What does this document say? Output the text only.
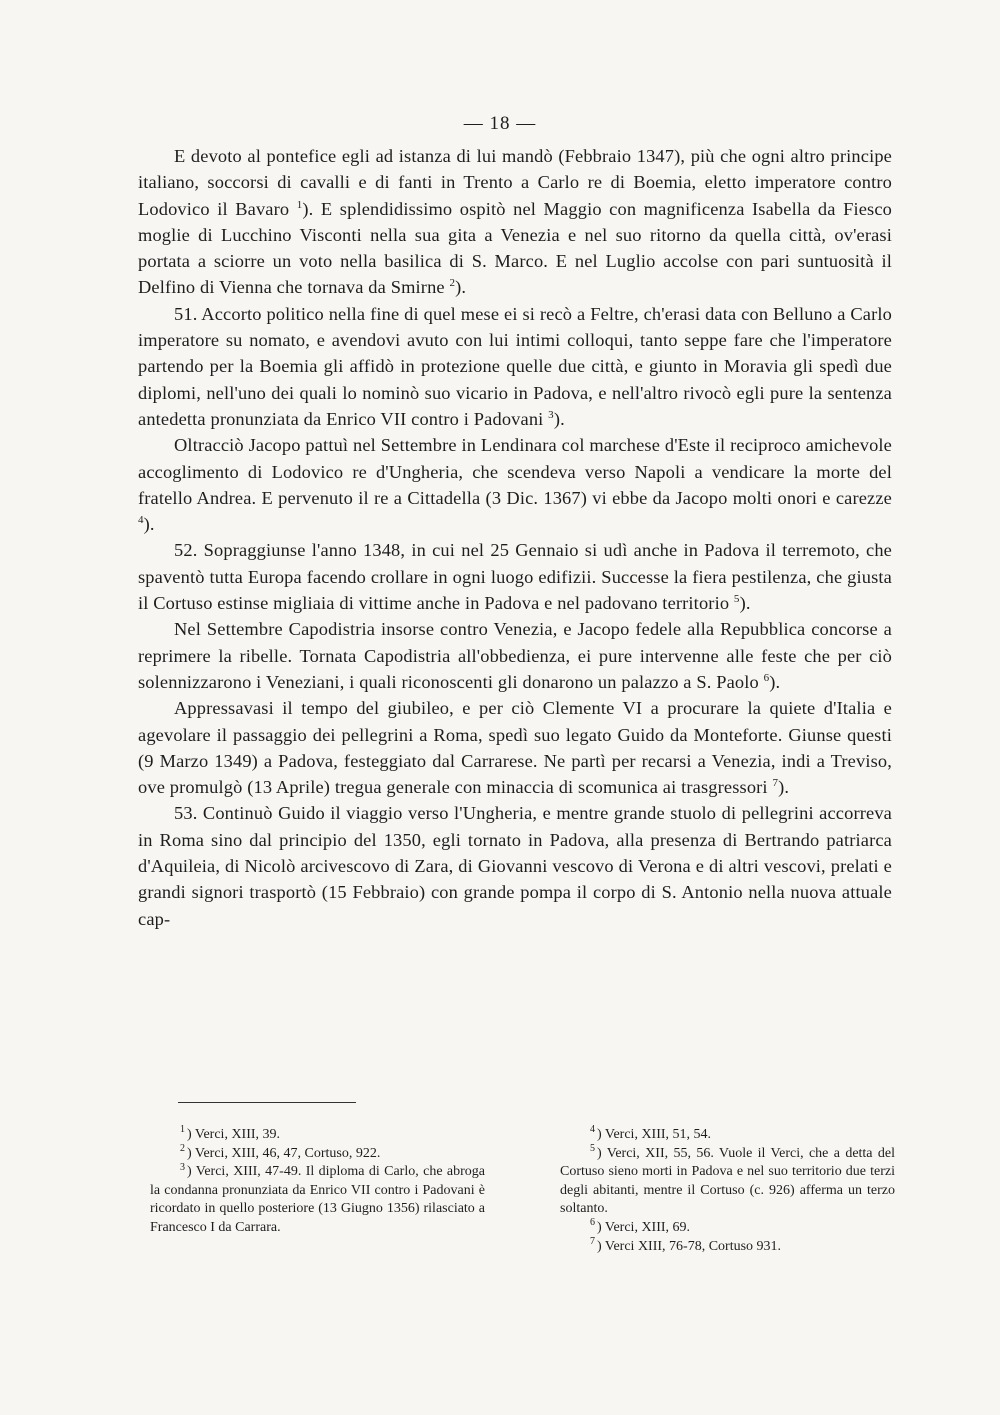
— 18 —

E devoto al pontefice egli ad istanza di lui mandò (Febbraio 1347), più che ogni altro principe italiano, soccorsi di cavalli e di fanti in Trento a Carlo re di Boemia, eletto imperatore contro Lodovico il Bavaro $^1$). E splendidissimo ospitò nel Maggio con magnificenza Isabella da Fiesco moglie di Lucchino Visconti nella sua gita a Venezia e nel suo ritorno da quella città, ov'erasi portata a sciorre un voto nella basilica di S. Marco. E nel Luglio accolse con pari suntuosità il Delfino di Vienna che tornava da Smirne $^2$).

51. Accorto politico nella fine di quel mese ei si recò a Feltre, ch'erasi data con Belluno a Carlo imperatore su nomato, e avendovi avuto con lui intimi colloqui, tanto seppe fare che l'imperatore partendo per la Boemia gli affidò in protezione quelle due città, e giunto in Moravia gli spedì due diplomi, nell'uno dei quali lo nominò suo vicario in Padova, e nell'altro rivocò egli pure la sentenza antedetta pronunziata da Enrico VII contro i Padovani $^3$).

Oltracciò Jacopo pattuì nel Settembre in Lendinara col marchese d'Este il reciproco amichevole accoglimento di Lodovico re d'Ungheria, che scendeva verso Napoli a vendicare la morte del fratello Andrea. E pervenuto il re a Cittadella (3 Dic. 1367) vi ebbe da Jacopo molti onori e carezze $^4$).

52. Sopraggiunse l'anno 1348, in cui nel 25 Gennaio si udì anche in Padova il terremoto, che spaventò tutta Europa facendo crollare in ogni luogo edifizii. Successe la fiera pestilenza, che giusta il Cortuso estinse migliaia di vittime anche in Padova e nel padovano territorio $^5$).

Nel Settembre Capodistria insorse contro Venezia, e Jacopo fedele alla Repubblica concorse a reprimere la ribelle. Tornata Capodistria all'obbedienza, ei pure intervenne alle feste che per ciò solennizzarono i Veneziani, i quali riconoscenti gli donarono un palazzo a S. Paolo $^6$).

Appressavasi il tempo del giubileo, e per ciò Clemente VI a procurare la quiete d'Italia e agevolare il passaggio dei pellegrini a Roma, spedì suo legato Guido da Monteforte. Giunse questi (9 Marzo 1349) a Padova, festeggiato dal Carrarese. Ne partì per recarsi a Venezia, indi a Treviso, ove promulgò (13 Aprile) tregua generale con minaccia di scomunica ai trasgressori $^7$).

53. Continuò Guido il viaggio verso l'Ungheria, e mentre grande stuolo di pellegrini accorreva in Roma sino dal principio del 1350, egli tornato in Padova, alla presenza di Bertrando patriarca d'Aquileia, di Nicolò arcivescovo di Zara, di Giovanni vescovo di Verona e di altri vescovi, prelati e grandi signori trasportò (15 Febbraio) con grande pompa il corpo di S. Antonio nella nuova attuale cap-

$^1$ ) Verci, XIII, 39.

$^2$ ) Verci, XIII, 46, 47, Cortuso, 922.

$^3$ ) Verci, XIII, 47-49. Il diploma di Carlo, che abroga la condanna pronunziata da Enrico VII contro i Padovani è ricordato in quello posteriore (13 Giugno 1356) rilasciato a Francesco I da Carrara.

$^4$ ) Verci, XIII, 51, 54.

$^5$ ) Verci, XII, 55, 56. Vuole il Verci, che a detta del Cortuso sieno morti in Padova e nel suo territorio due terzi degli abitanti, mentre il Cortuso (c. 926) afferma un terzo soltanto.

$^6$ ) Verci, XIII, 69.

$^7$ ) Verci XIII, 76-78, Cortuso 931.
